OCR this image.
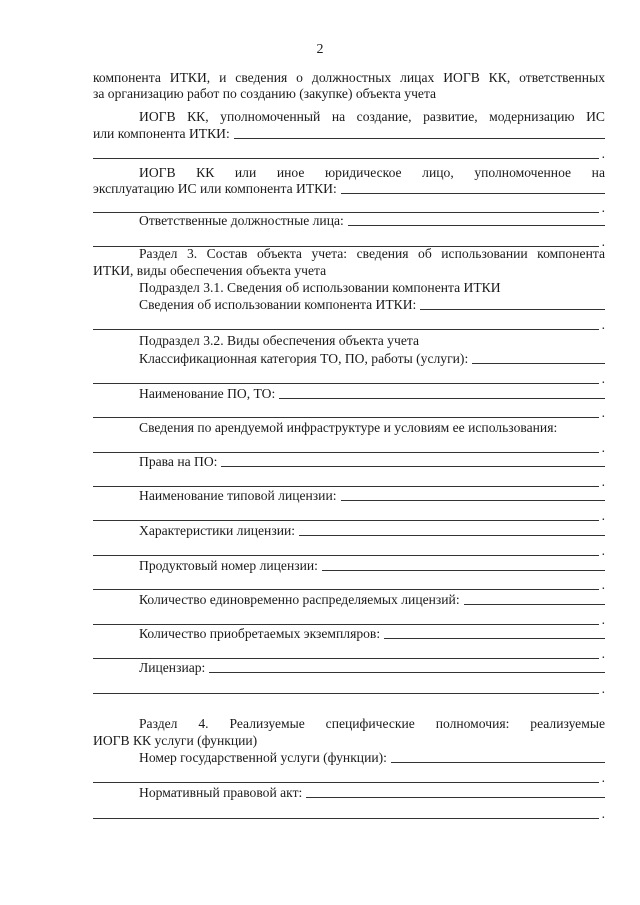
2
компонента ИТКИ, и сведения о должностных лицах ИОГВ КК, ответственных
за организацию работ по созданию (закупке) объекта учета
ИОГВ КК, уполномоченный на создание, развитие, модернизацию ИС
или компонента ИТКИ:
.
ИОГВ КК или иное юридическое лицо, уполномоченное на
эксплуатацию ИС или компонента ИТКИ:
.
Ответственные должностные лица:
.
Раздел 3. Состав объекта учета: сведения об использовании компонента
ИТКИ, виды обеспечения объекта учета
Подраздел 3.1. Сведения об использовании компонента ИТКИ
Сведения об использовании компонента ИТКИ:
.
Подраздел 3.2. Виды обеспечения объекта учета
Классификационная категория ТО, ПО, работы (услуги):
.
Наименование ПО, ТО:
.
Сведения по арендуемой инфраструктуре и условиям ее использования:
.
Права на ПО:
.
Наименование типовой лицензии:
.
Характеристики лицензии:
.
Продуктовый номер лицензии:
.
Количество единовременно распределяемых лицензий:
.
Количество приобретаемых экземпляров:
.
Лицензиар:
.
Раздел 4. Реализуемые специфические полномочия: реализуемые
ИОГВ КК услуги (функции)
Номер государственной услуги (функции):
.
Нормативный правовой акт:
.
